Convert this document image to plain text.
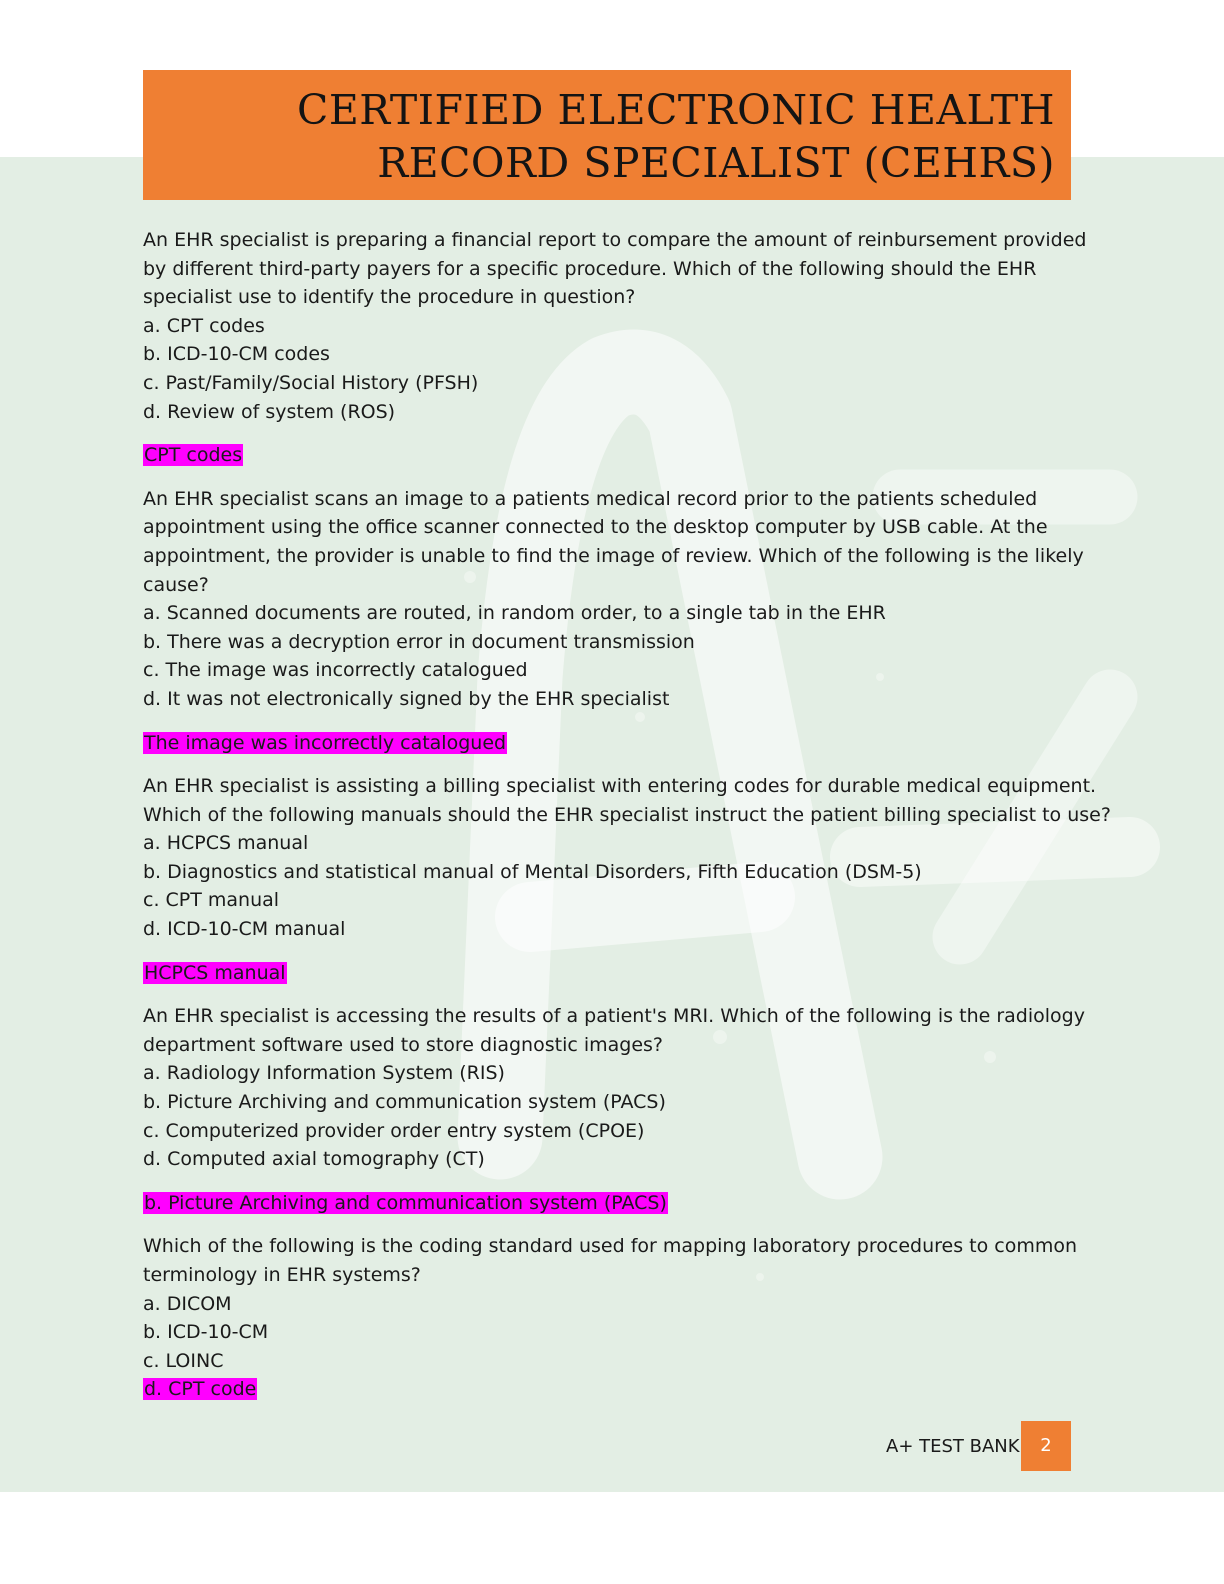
CERTIFIED ELECTRONIC HEALTH
RECORD SPECIALIST (CEHRS)
An EHR specialist is preparing a financial report to compare the amount of reinbursement provided
by different third-party payers for a specific procedure. Which of the following should the EHR
specialist use to identify the procedure in question?
a. CPT codes
b. ICD-10-CM codes
c. Past/Family/Social History (PFSH)
d. Review of system (ROS)
CPT codes
An EHR specialist scans an image to a patients medical record prior to the patients scheduled
appointment using the office scanner connected to the desktop computer by USB cable. At the
appointment, the provider is unable to find the image of review. Which of the following is the likely
cause?
a. Scanned documents are routed, in random order, to a single tab in the EHR
b. There was a decryption error in document transmission
c. The image was incorrectly catalogued
d. It was not electronically signed by the EHR specialist
The image was incorrectly catalogued
An EHR specialist is assisting a billing specialist with entering codes for durable medical equipment.
Which of the following manuals should the EHR specialist instruct the patient billing specialist to use?
a. HCPCS manual
b. Diagnostics and statistical manual of Mental Disorders, Fifth Education (DSM-5)
c. CPT manual
d. ICD-10-CM manual
HCPCS manual
An EHR specialist is accessing the results of a patient's MRI. Which of the following is the radiology
department software used to store diagnostic images?
a. Radiology Information System (RIS)
b. Picture Archiving and communication system (PACS)
c. Computerized provider order entry system (CPOE)
d. Computed axial tomography (CT)
b. Picture Archiving and communication system (PACS)
Which of the following is the coding standard used for mapping laboratory procedures to common
terminology in EHR systems?
a. DICOM
b. ICD-10-CM
c. LOINC
d. CPT code
A+ TEST BANK	2
